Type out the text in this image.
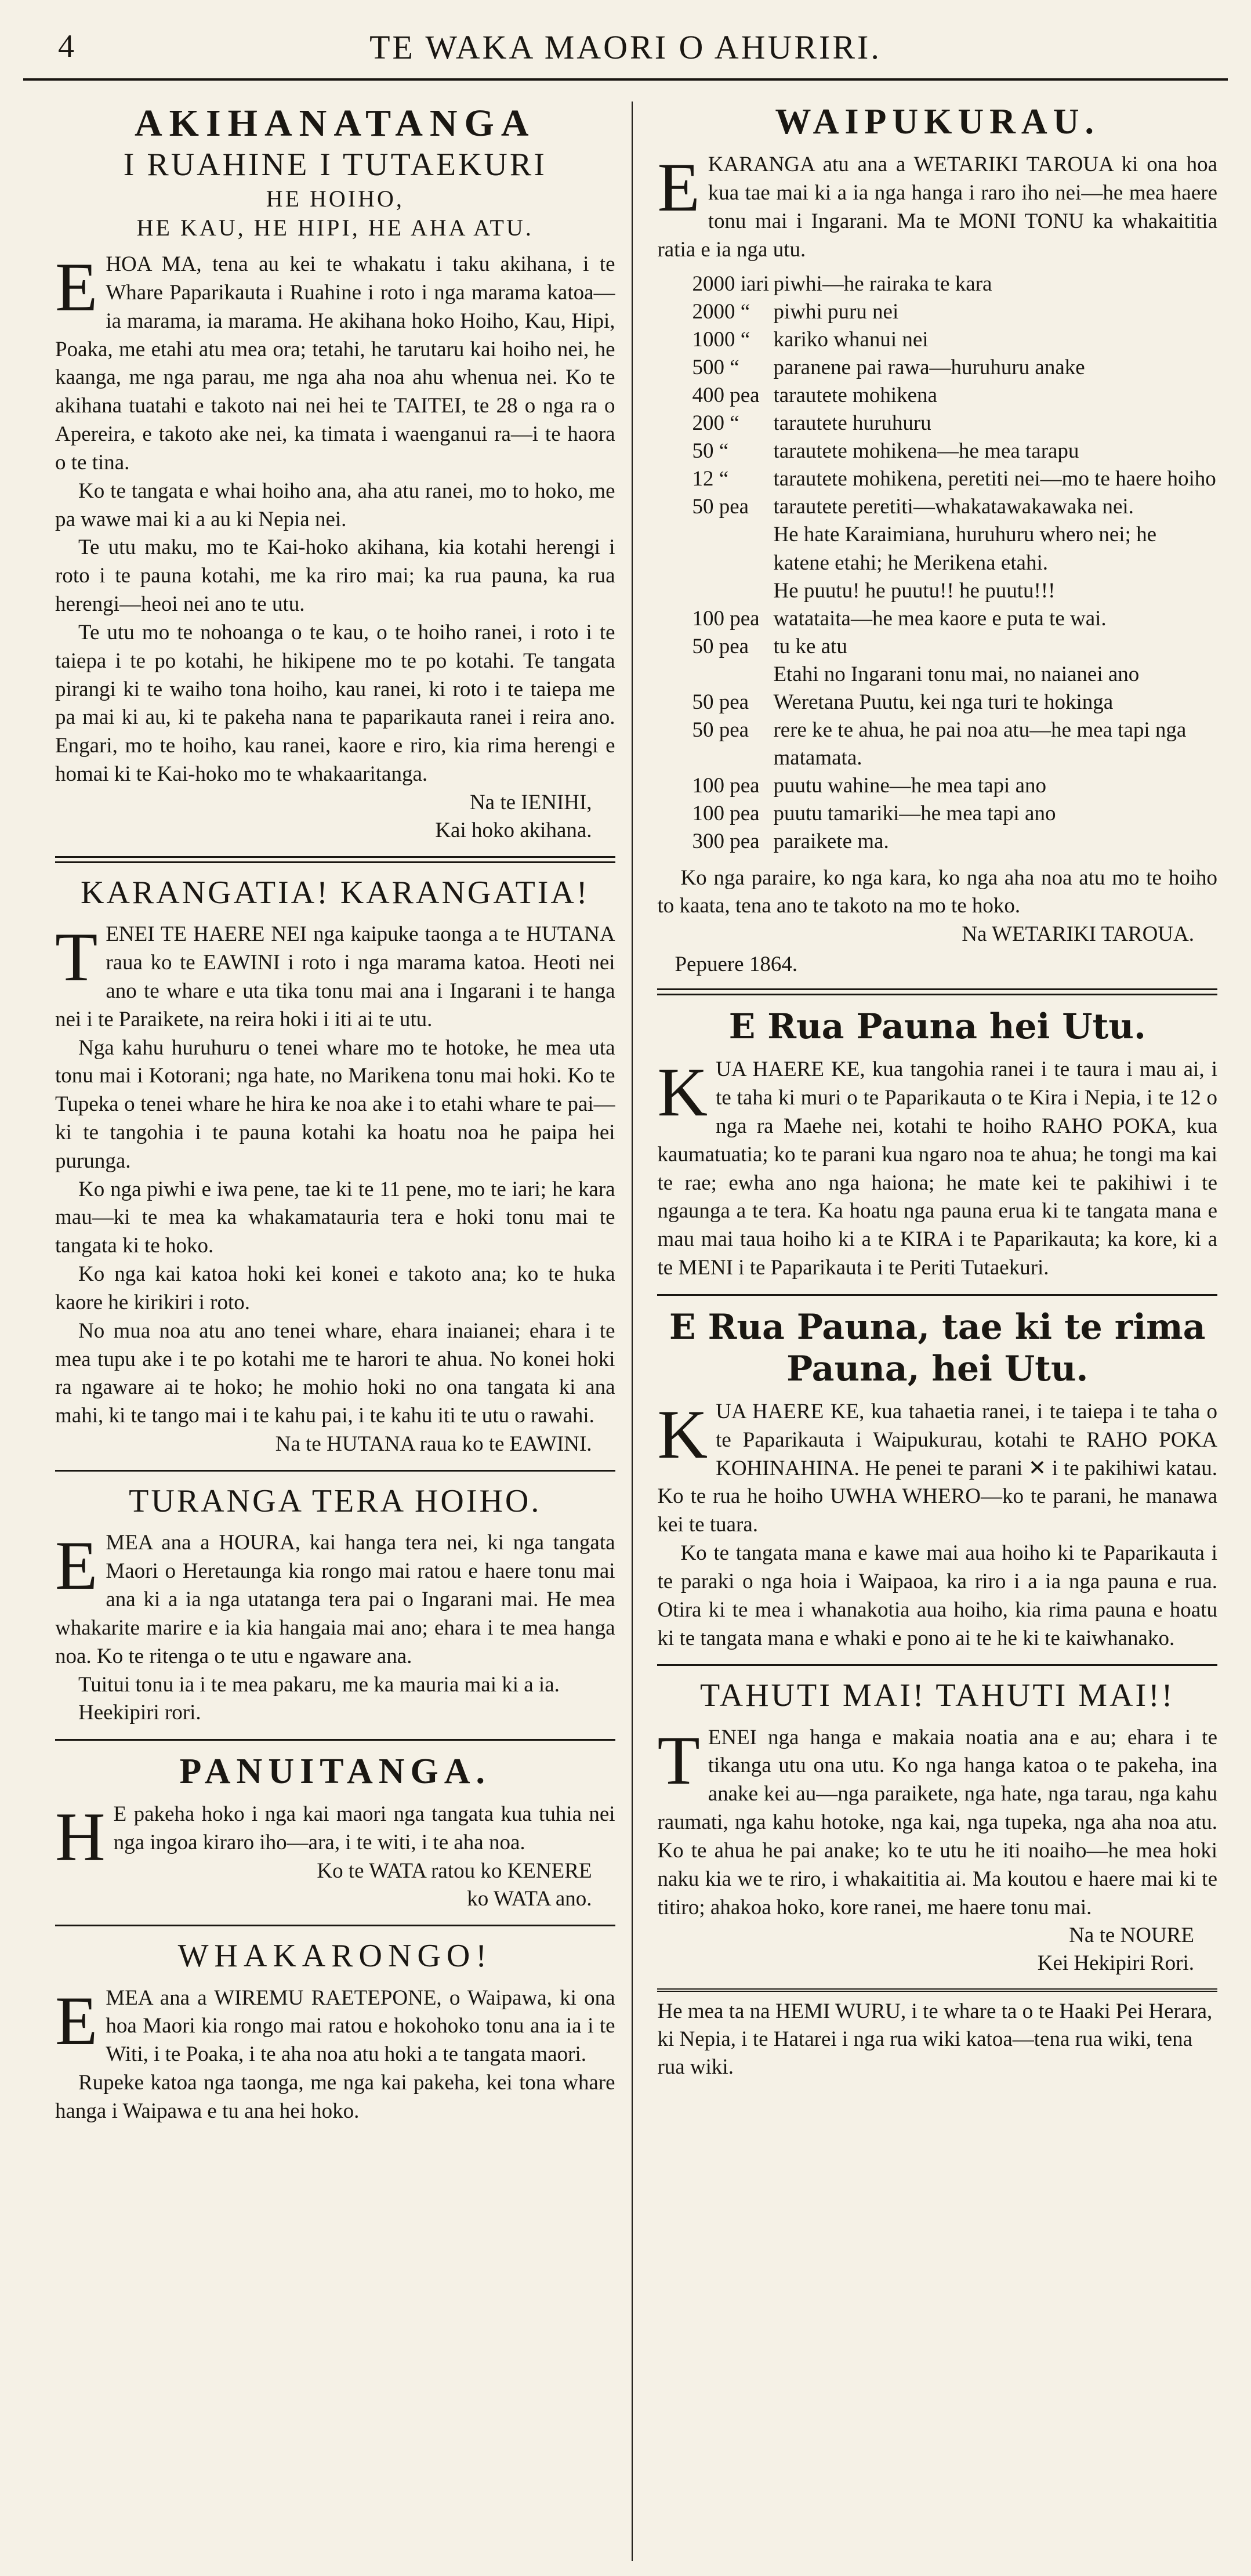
4	TE WAKA MAORI O AHURIRI.
AKIHANATANGA
I RUAHINE I TUTAEKURI
HE HOIHO,
HE KAU, HE HIPI, HE AHA ATU.
E HOA MA, tena au kei te whakatu i taku akihana, i te Whare Paparikauta i Ruahine i roto i nga marama katoa—ia marama, ia marama. He akihana hoko Hoiho, Kau, Hipi, Poaka, me etahi atu mea ora; tetahi, he tarutaru kai hoiho nei, he kaanga, me nga parau, me nga aha noa ahu whenua nei. Ko te akihana tuatahi e takoto nai nei hei te TAITEI, te 28 o nga ra o Apereira, e takoto ake nei, ka timata i waenganui ra—i te haora o te tina.

Ko te tangata e whai hoiho ana, aha atu ranei, mo to hoko, me pa wawe mai ki a au ki Nepia nei.

Te utu maku, mo te Kai-hoko akihana, kia kotahi herengi i roto i te pauna kotahi, me ka riro mai; ka rua pauna, ka rua herengi—heoi nei ano te utu.

Te utu mo te nohoanga o te kau, o te hoiho ranei, i roto i te taiepa i te po kotahi, he hikipene mo te po kotahi. Te tangata pirangi ki te waiho tona hoiho, kau ranei, ki roto i te taiepa me pa mai ki au, ki te pakeha nana te paparikauta ranei i reira ano. Engari, mo te hoiho, kau ranei, kaore e riro, kia rima herengi e homai ki te Kai-hoko mo te whakaaritanga.

Na te IENIHI,
Kai hoko akihana.
KARANGATIA! KARANGATIA!
T ENEI TE HAERE NEI nga kaipuke taonga a te HUTANA raua ko te EAWINI i roto i nga marama katoa. Heoti nei ano te whare e uta tika tonu mai ana i Ingarani i te hanga nei i te Paraikete, na reira hoki i iti ai te utu.

Nga kahu huruhuru o tenei whare mo te hotoke, he mea uta tonu mai i Kotorani; nga hate, no Marikena tonu mai hoki. Ko te Tupeka o tenei whare he hira ke noa ake i to etahi whare te pai—ki te tangohia i te pauna kotahi ka hoatu noa he paipa hei purunga.

Ko nga piwhi e iwa pene, tae ki te 11 pene, mo te iari; he kara mau—ki te mea ka whakamatauria tera e hoki tonu mai te tangata ki te hoko.

Ko nga kai katoa hoki kei konei e takoto ana; ko te huka kaore he kirikiri i roto.

No mua noa atu ano tenei whare, ehara inaianei; ehara i te mea tupu ake i te po kotahi me te harori te ahua. No konei hoki ra ngaware ai te hoko; he mohio hoki no ona tangata ki ana mahi, ki te tango mai i te kahu pai, i te kahu iti te utu o rawahi.

Na te HUTANA raua ko te EAWINI.
TURANGA TERA HOIHO.
E MEA ana a HOURA, kai hanga tera nei, ki nga tangata Maori o Heretaunga kia rongo mai ratou e haere tonu mai ana ki a ia nga utatanga tera pai o Ingarani mai. He mea whakarite marire e ia kia hangaia mai ano; ehara i te mea hanga noa. Ko te ritenga o te utu e ngaware ana.

Tuitui tonu ia i te mea pakaru, me ka mauria mai ki a ia.

Heekipiri rori.

PANUITANGA.
H E pakeha hoko i nga kai maori nga tangata kua tuhia nei nga ingoa kiraro iho—ara, i te witi, i te aha noa.

Ko te WATA ratou ko KENERE
ko WATA ano.
WHAKARONGO!
E MEA ana a WIREMU RAETEPONE, o Waipawa, ki ona hoa Maori kia rongo mai ratou e hokohoko tonu ana ia i te Witi, i te Poaka, i te aha noa atu hoki a te tangata maori.

Rupeke katoa nga taonga, me nga kai pakeha, kei tona whare hanga i Waipawa e tu ana hei hoko.

WAIPUKURAU.
E KARANGA atu ana a WETARIKI TAROUA ki ona hoa kua tae mai ki a ia nga hanga i raro iho nei—he mea haere tonu mai i Ingarani. Ma te MONI TONU ka whakaititia ratia e ia nga utu.

2000 iari piwhi—he rairaka te kara
2000 “	piwhi puru nei
1000 “	kariko whanui nei
500 “	paranene pai rawa—huruhuru anake
400 pea tarautete mohikena
200 “	tarautete huruhuru
50 “	tarautete mohikena—he mea tarapu
12 “	tarautete mohikena, peretiti nei—mo te haere hoiho
50 pea	tarautete peretiti—whakatawakawaka nei.
He hate Karaimiana, huruhuru whero nei; he katene etahi; he Merikena etahi.
He puutu! he puutu!! he puutu!!!
100 pea watataita—he mea kaore e puta te wai.
50 pea	tu ke atu
Etahi no Ingarani tonu mai, no naianei ano
50 pea	Weretana Puutu, kei nga turi te hokinga
50 pea	rere ke te ahua, he pai noa atu—he mea tapi nga matamata.
100 pea puutu wahine—he mea tapi ano
100 pea puutu tamariki—he mea tapi ano
300 pea paraikete ma.

Ko nga paraire, ko nga kara, ko nga aha noa atu mo te hoiho to kaata, tena ano te takoto na mo te hoko.

Na WETARIKI TAROUA.
Pepuere 1864.
E Rua Pauna hei Utu.
K UA HAERE KE, kua tangohia ranei i te taura i mau ai, i te taha ki muri o te Paparikauta o te Kira i Nepia, i te 12 o nga ra Maehe nei, kotahi te hoiho RAHO POKA, kua kaumatuatia; ko te parani kua ngaro noa te ahua; he tongi ma kai te rae; ewha ano nga haiona; he mate kei te pakihiwi i te ngaunga a te tera. Ka hoatu nga pauna erua ki te tangata mana e mau mai taua hoiho ki a te KIRA i te Paparikauta; ka kore, ki a te MENI i te Paparikauta i te Periti Tutaekuri.

E Rua Pauna, tae ki te rima Pauna, hei Utu.
K UA HAERE KE, kua tahaetia ranei, i te taiepa i te taha o te Paparikauta i Waipukurau, kotahi te RAHO POKA KOHINAHINA. He penei te parani ✕ i te pakihiwi katau. Ko te rua he hoiho UWHA WHERO—ko te parani, he manawa kei te tuara.

Ko te tangata mana e kawe mai aua hoiho ki te Paparikauta i te paraki o nga hoia i Waipaoa, ka riro i a ia nga pauna e rua. Otira ki te mea i whanakotia aua hoiho, kia rima pauna e hoatu ki te tangata mana e whaki e pono ai te he ki te kaiwhanako.

TAHUTI MAI! TAHUTI MAI!!
T ENEI nga hanga e makaia noatia ana e au; ehara i te tikanga utu ona utu. Ko nga hanga katoa o te pakeha, ina anake kei au—nga paraikete, nga hate, nga tarau, nga kahu raumati, nga kahu hotoke, nga kai, nga tupeka, nga aha noa atu. Ko te ahua he pai anake; ko te utu he iti noaiho—he mea hoki naku kia we te riro, i whakaititia ai. Ma koutou e haere mai ki te titiro; ahakoa hoko, kore ranei, me haere tonu mai.

Na te NOURE
Kei Hekipiri Rori.
He mea ta na HEMI WURU, i te whare ta o te Haaki Pei Herara, ki Nepia, i te Hatarei i nga rua wiki katoa—tena rua wiki, tena rua wiki.
